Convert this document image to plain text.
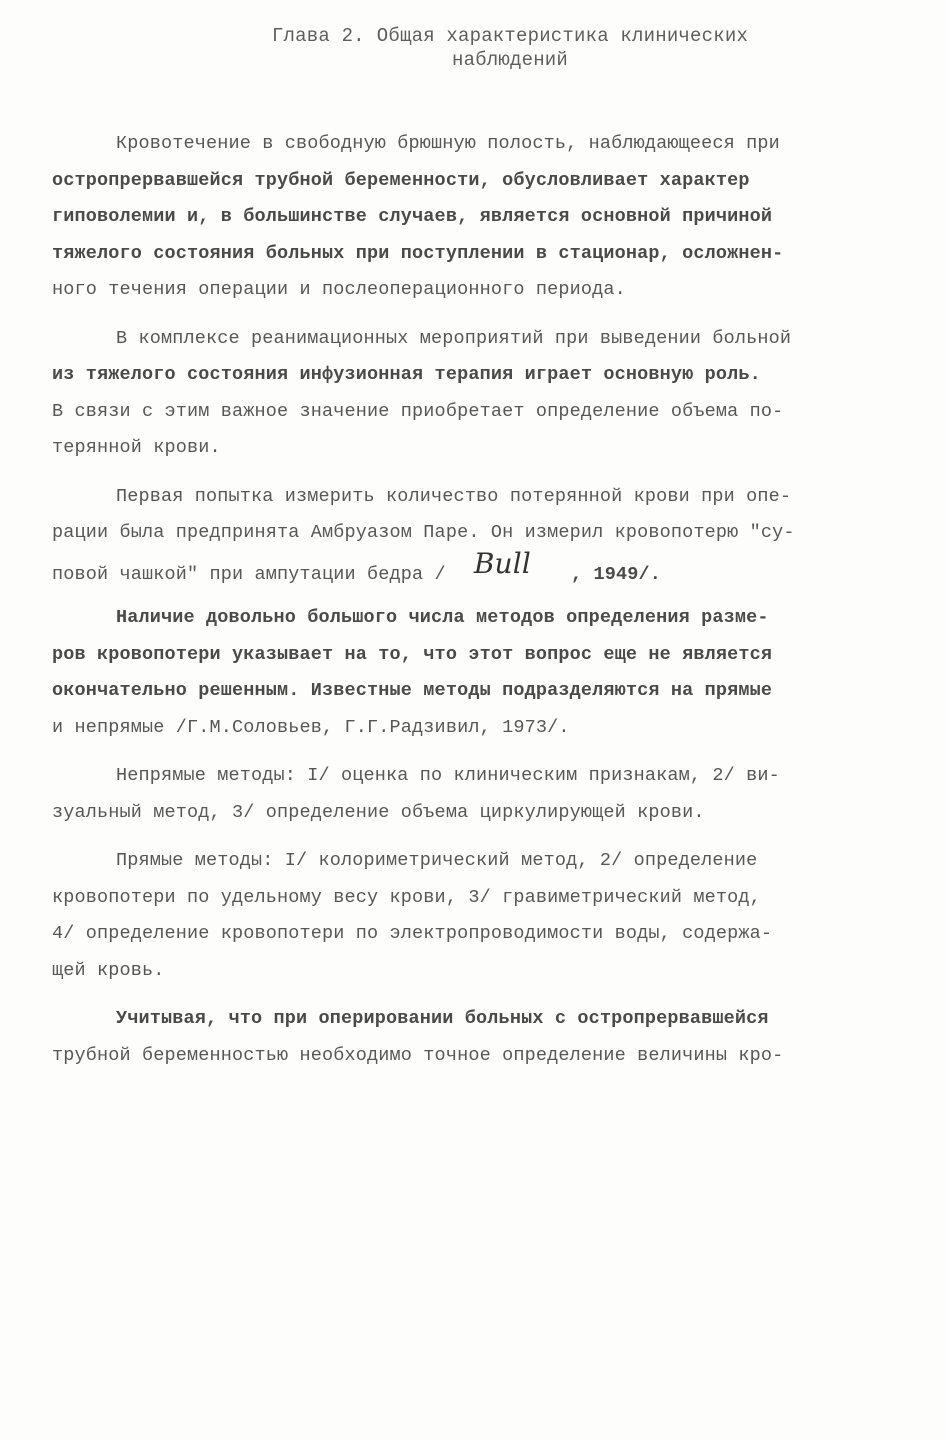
Глава 2. Общая характеристика клинических
наблюдений
Кровотечение в свободную брюшную полость, наблюдающееся при
остропрервавшейся трубной беременности, обусловливает характер
гиповолемии и, в большинстве случаев, является основной причиной
тяжелого состояния больных при поступлении в стационар, осложнен-
ного течения операции и послеоперационного периода.
В комплексе реанимационных мероприятий при выведении больной
из тяжелого состояния инфузионная терапия играет основную роль.
В связи с этим важное значение приобретает определение объема по-
терянной крови.
Первая попытка измерить количество потерянной крови при опе-
рации была предпринята Амбруазом Паре. Он измерил кровопотерю "су-
повой чашкой" при ампутации бедра / Bull , 1949/.
Наличие довольно большого числа методов определения разме-
ров кровопотери указывает на то, что этот вопрос еще не является
окончательно решенным. Известные методы подразделяются на прямые
и непрямые /Г.М.Соловьев, Г.Г.Радзивил, 1973/.
Непрямые методы: I/ оценка по клиническим признакам, 2/ ви-
зуальный метод, 3/ определение объема циркулирующей крови.
Прямые методы: I/ колориметрический метод, 2/ определение
кровопотери по удельному весу крови, 3/ гравиметрический метод,
4/ определение кровопотери по электропроводимости воды, содержа-
щей кровь.
Учитывая, что при оперировании больных с остропрервавшейся
трубной беременностью необходимо точное определение величины кро-
